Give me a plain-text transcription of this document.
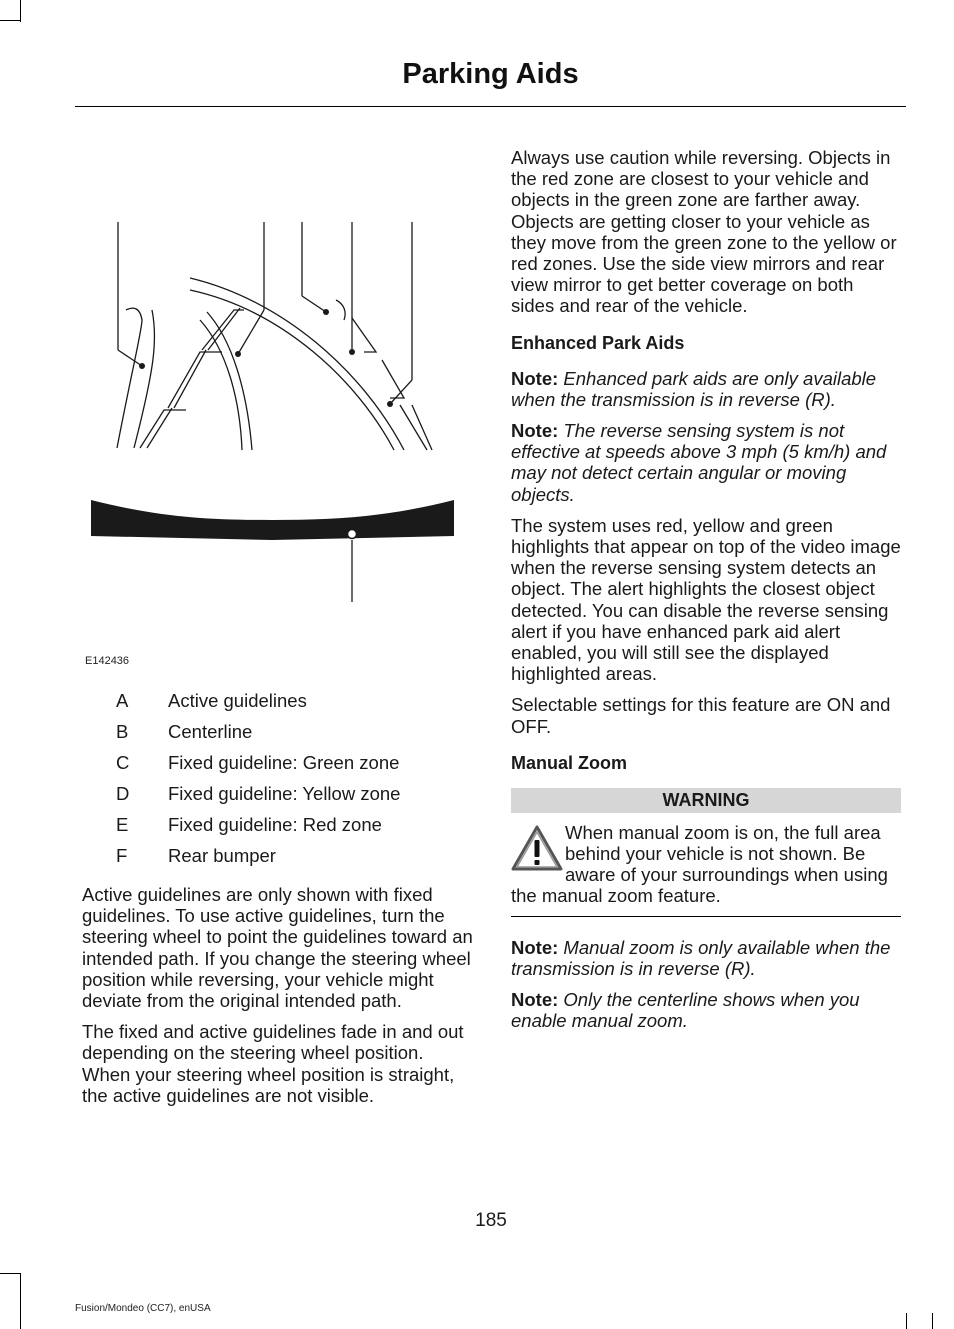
Parking Aids
E142436
A Active guidelines
B Centerline
C Fixed guideline: Green zone
D Fixed guideline: Yellow zone
E Fixed guideline: Red zone
F Rear bumper

Active guidelines are only shown with fixed guidelines. To use active guidelines, turn the steering wheel to point the guidelines toward an intended path. If you change the steering wheel position while reversing, your vehicle might deviate from the original intended path.

The fixed and active guidelines fade in and out depending on the steering wheel position. When your steering wheel position is straight, the active guidelines are not visible.

Always use caution while reversing. Objects in the red zone are closest to your vehicle and objects in the green zone are farther away. Objects are getting closer to your vehicle as they move from the green zone to the yellow or red zones. Use the side view mirrors and rear view mirror to get better coverage on both sides and rear of the vehicle.

Enhanced Park Aids

Note: Enhanced park aids are only available when the transmission is in reverse (R).

Note: The reverse sensing system is not effective at speeds above 3 mph (5 km/h) and may not detect certain angular or moving objects.

The system uses red, yellow and green highlights that appear on top of the video image when the reverse sensing system detects an object. The alert highlights the closest object detected. You can disable the reverse sensing alert if you have enhanced park aid alert enabled, you will still see the displayed highlighted areas.

Selectable settings for this feature are ON and OFF.

Manual Zoom
WARNING
When manual zoom is on, the full area behind your vehicle is not shown. Be aware of your surroundings when using the manual zoom feature.

Note: Manual zoom is only available when the transmission is in reverse (R).

Note: Only the centerline shows when you enable manual zoom.

185
Fusion/Mondeo (CC7), enUSA
